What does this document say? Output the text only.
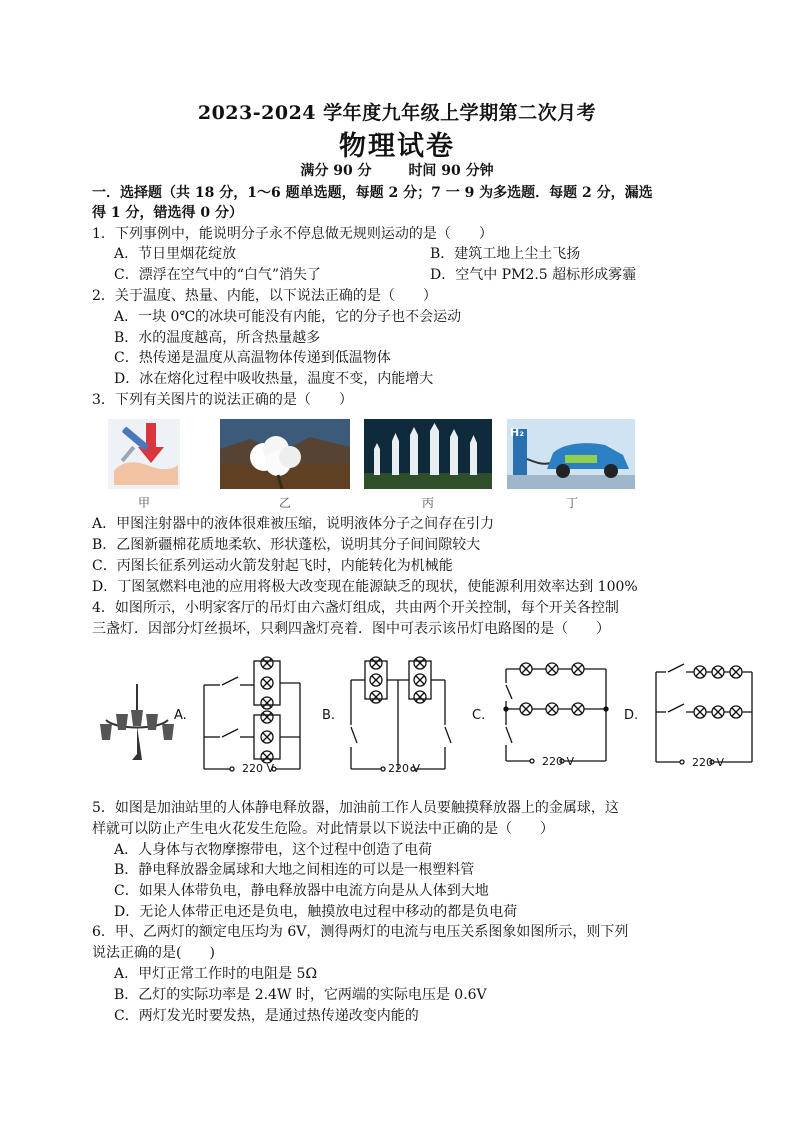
2023-2024 学年度九年级上学期第二次月考
物理试卷
满分 90 分	时间 90 分钟
一．选择题（共 18 分，1～6 题单选题，每题 2 分；7 一 9 为多选题．每题 2 分，漏选
得 1 分，错选得 0 分）
1．下列事例中，能说明分子永不停息做无规则运动的是（　　）
A．节日里烟花绽放	B．建筑工地上尘土飞扬
C．漂浮在空气中的“白气”消失了	D．空气中 PM2.5 超标形成雾霾
2．关于温度、热量、内能，以下说法正确的是（　　）
A．一块 0℃的冰块可能没有内能，它的分子也不会运动
B．水的温度越高，所含热量越多
C．热传递是温度从高温物体传递到低温物体
D．冰在熔化过程中吸收热量，温度不变，内能增大
3．下列有关图片的说法正确的是（　　）
甲	乙	丙
H₂
丁
A．甲图注射器中的液体很难被压缩，说明液体分子之间存在引力
B．乙图新疆棉花质地柔软、形状蓬松，说明其分子间间隙较大
C．丙图长征系列运动火箭发射起飞时，内能转化为机械能
D．丁图氢燃料电池的应用将极大改变现在能源缺乏的现状，使能源利用效率达到 100%
4．如图所示，小明家客厅的吊灯由六盏灯组成，共由两个开关控制，每个开关各控制
三盏灯．因部分灯丝损坏，只剩四盏灯亮着．图中可表示该吊灯电路图的是（　　）
A.
220 V
B.
220 V
C.
220 V
D.
220 V
5．如图是加油站里的人体静电释放器，加油前工作人员要触摸释放器上的金属球，这
样就可以防止产生电火花发生危险。对此情景以下说法中正确的是（　　）
A．人身体与衣物摩擦带电，这个过程中创造了电荷
B．静电释放器金属球和大地之间相连的可以是一根塑料管
C．如果人体带负电，静电释放器中电流方向是从人体到大地
D．无论人体带正电还是负电，触摸放电过程中移动的都是负电荷
6．甲、乙两灯的额定电压均为 6V，测得两灯的电流与电压关系图象如图所示，则下列
说法正确的是(　　)
A．甲灯正常工作时的电阻是 5Ω
B．乙灯的实际功率是 2.4W 时，它两端的实际电压是 0.6V
C．两灯发光时要发热，是通过热传递改变内能的
